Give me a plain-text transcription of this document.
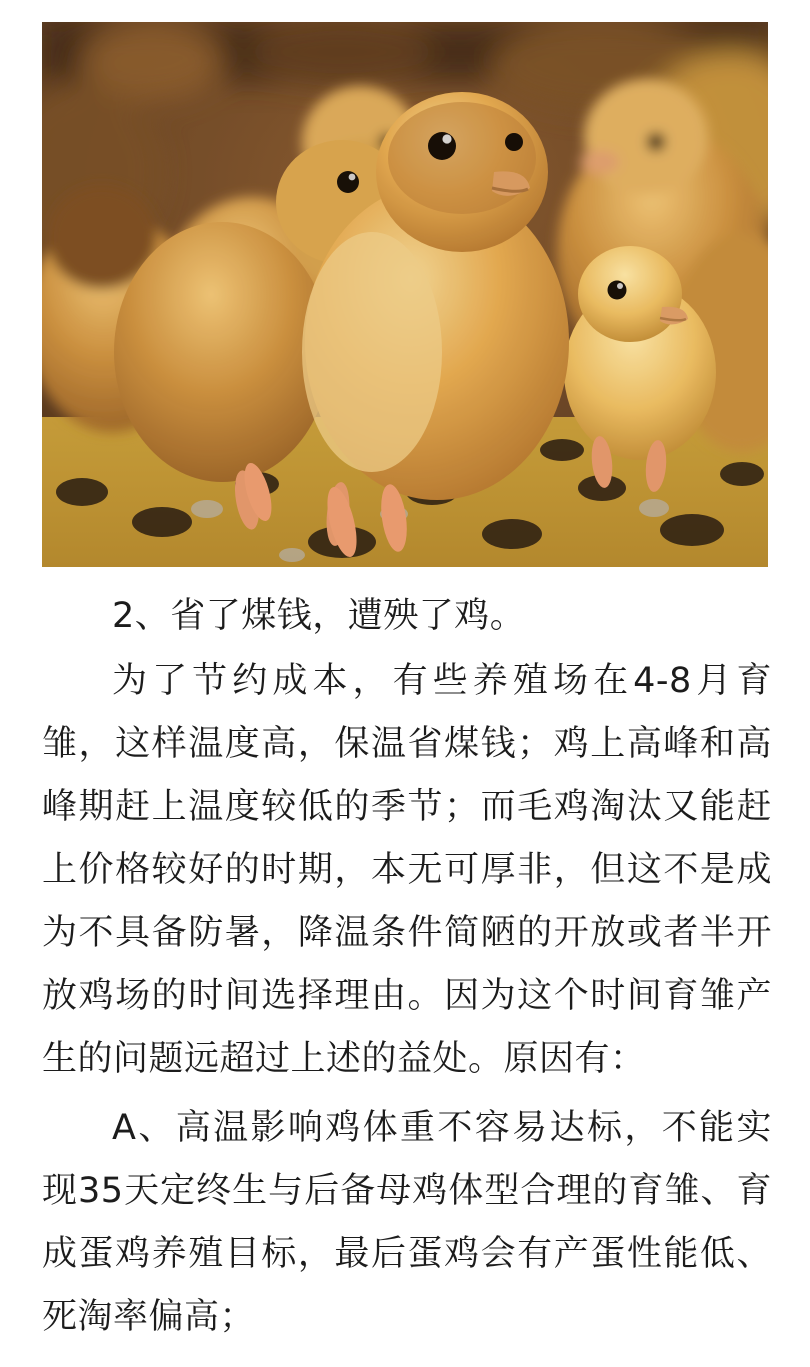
2、省了煤钱，遭殃了鸡。

为了节约成本，有些养殖场在4-8月育雏，这样温度高，保温省煤钱；鸡上高峰和高峰期赶上温度较低的季节；而毛鸡淘汰又能赶上价格较好的时期，本无可厚非，但这不是成为不具备防暑，降温条件简陋的开放或者半开放鸡场的时间选择理由。因为这个时间育雏产生的问题远超过上述的益处。原因有：

A、高温影响鸡体重不容易达标，不能实现35天定终生与后备母鸡体型合理的育雏、育成蛋鸡养殖目标，最后蛋鸡会有产蛋性能低、死淘率偏高；
